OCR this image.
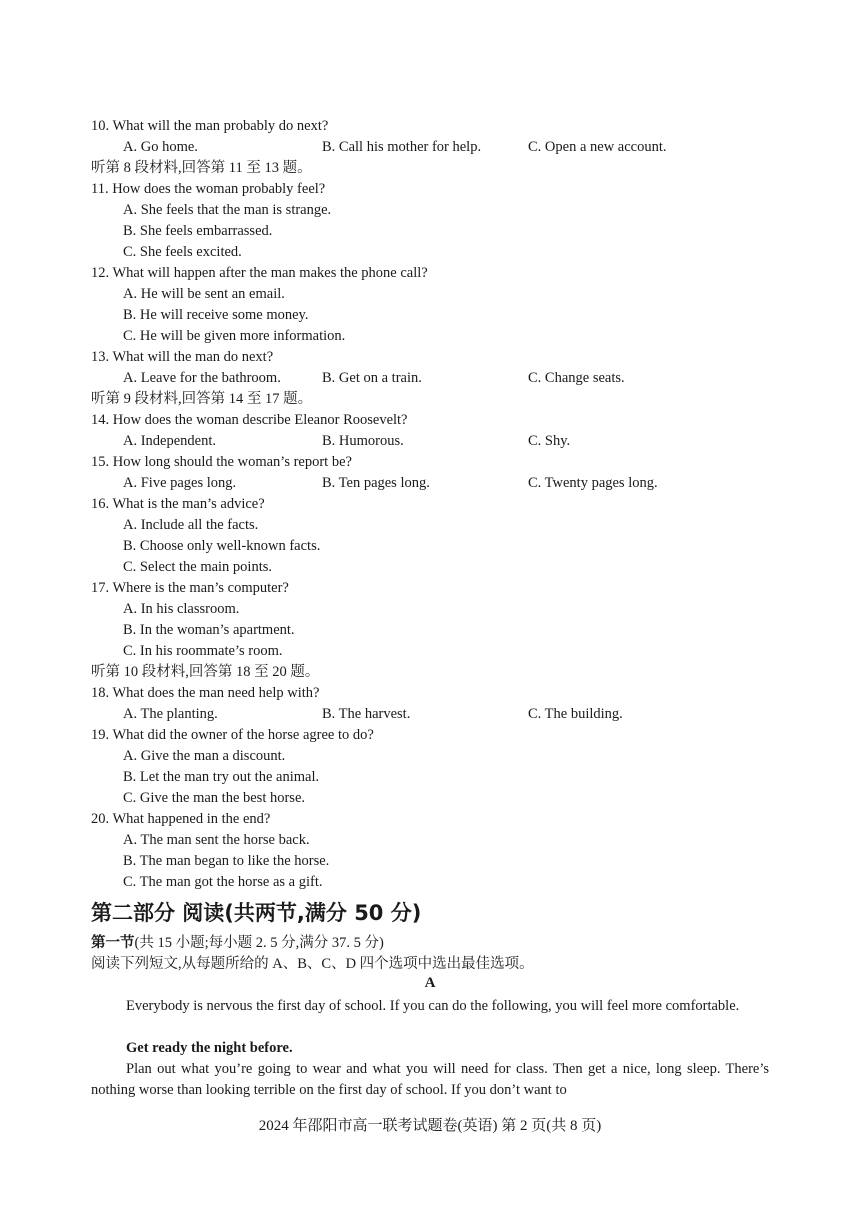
10. What will the man probably do next?
A. Go home.	B. Call his mother for help.	C. Open a new account.
听第 8 段材料,回答第 11 至 13 题。
11. How does the woman probably feel?
A. She feels that the man is strange.
B. She feels embarrassed.
C. She feels excited.
12. What will happen after the man makes the phone call?
A. He will be sent an email.
B. He will receive some money.
C. He will be given more information.
13. What will the man do next?
A. Leave for the bathroom.	B. Get on a train.	C. Change seats.
听第 9 段材料,回答第 14 至 17 题。
14. How does the woman describe Eleanor Roosevelt?
A. Independent.	B. Humorous.	C. Shy.
15. How long should the woman’s report be?
A. Five pages long.	B. Ten pages long.	C. Twenty pages long.
16. What is the man’s advice?
A. Include all the facts.
B. Choose only well-known facts.
C. Select the main points.
17. Where is the man’s computer?
A. In his classroom.
B. In the woman’s apartment.
C. In his roommate’s room.
听第 10 段材料,回答第 18 至 20 题。
18. What does the man need help with?
A. The planting.	B. The harvest.	C. The building.
19. What did the owner of the horse agree to do?
A. Give the man a discount.
B. Let the man try out the animal.
C. Give the man the best horse.
20. What happened in the end?
A. The man sent the horse back.
B. The man began to like the horse.
C. The man got the horse as a gift.
第二部分 阅读(共两节,满分 50 分)
第一节(共 15 小题;每小题 2. 5 分,满分 37. 5 分)
阅读下列短文,从每题所给的 A、B、C、D 四个选项中选出最佳选项。
A
Everybody is nervous the first day of school. If you can do the following, you will feel more comfortable.
Get ready the night before.
Plan out what you’re going to wear and what you will need for class. Then get a nice, long sleep. There’s nothing worse than looking terrible on the first day of school. If you don’t want to
2024 年邵阳市高一联考试题卷(英语) 第 2 页(共 8 页)
